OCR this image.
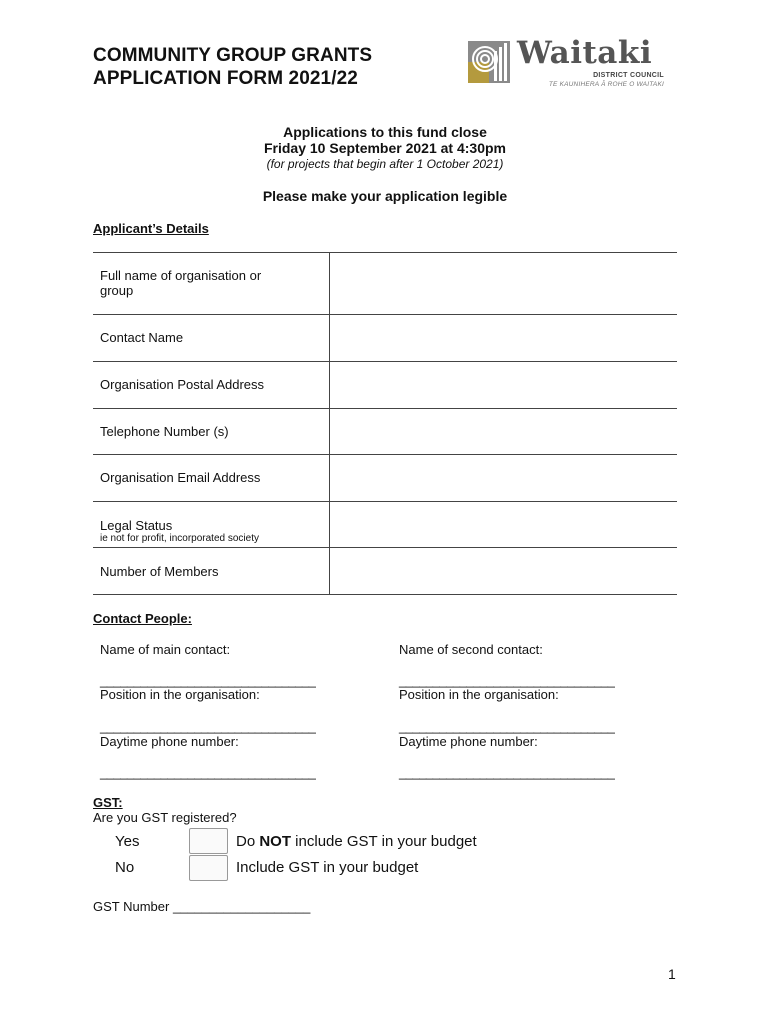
COMMUNITY GROUP GRANTS
APPLICATION FORM 2021/22
Waitaki
DISTRICT COUNCIL
TE KAUNIHERA Ā ROHE O WAITAKI
Applications to this fund close
Friday 10 September 2021 at 4:30pm
(for projects that begin after 1 October 2021)
Please make your application legible
Applicant’s Details
Full name of organisation or
group	

Contact Name	

Organisation Postal Address	

Telephone Number (s)	

Organisation Email Address	

Legal Status
ie not for profit, incorporated society	

Number of Members	

Contact People:
Name of main contact:	Name of second contact:
________________________________	________________________________
Position in the organisation:	Position in the organisation:
________________________________	________________________________
Daytime phone number:	Daytime phone number:
________________________________	________________________________
GST:
Are you GST registered?
Yes	Do NOT include GST in your budget
No	Include GST in your budget
GST Number ___________________
1
